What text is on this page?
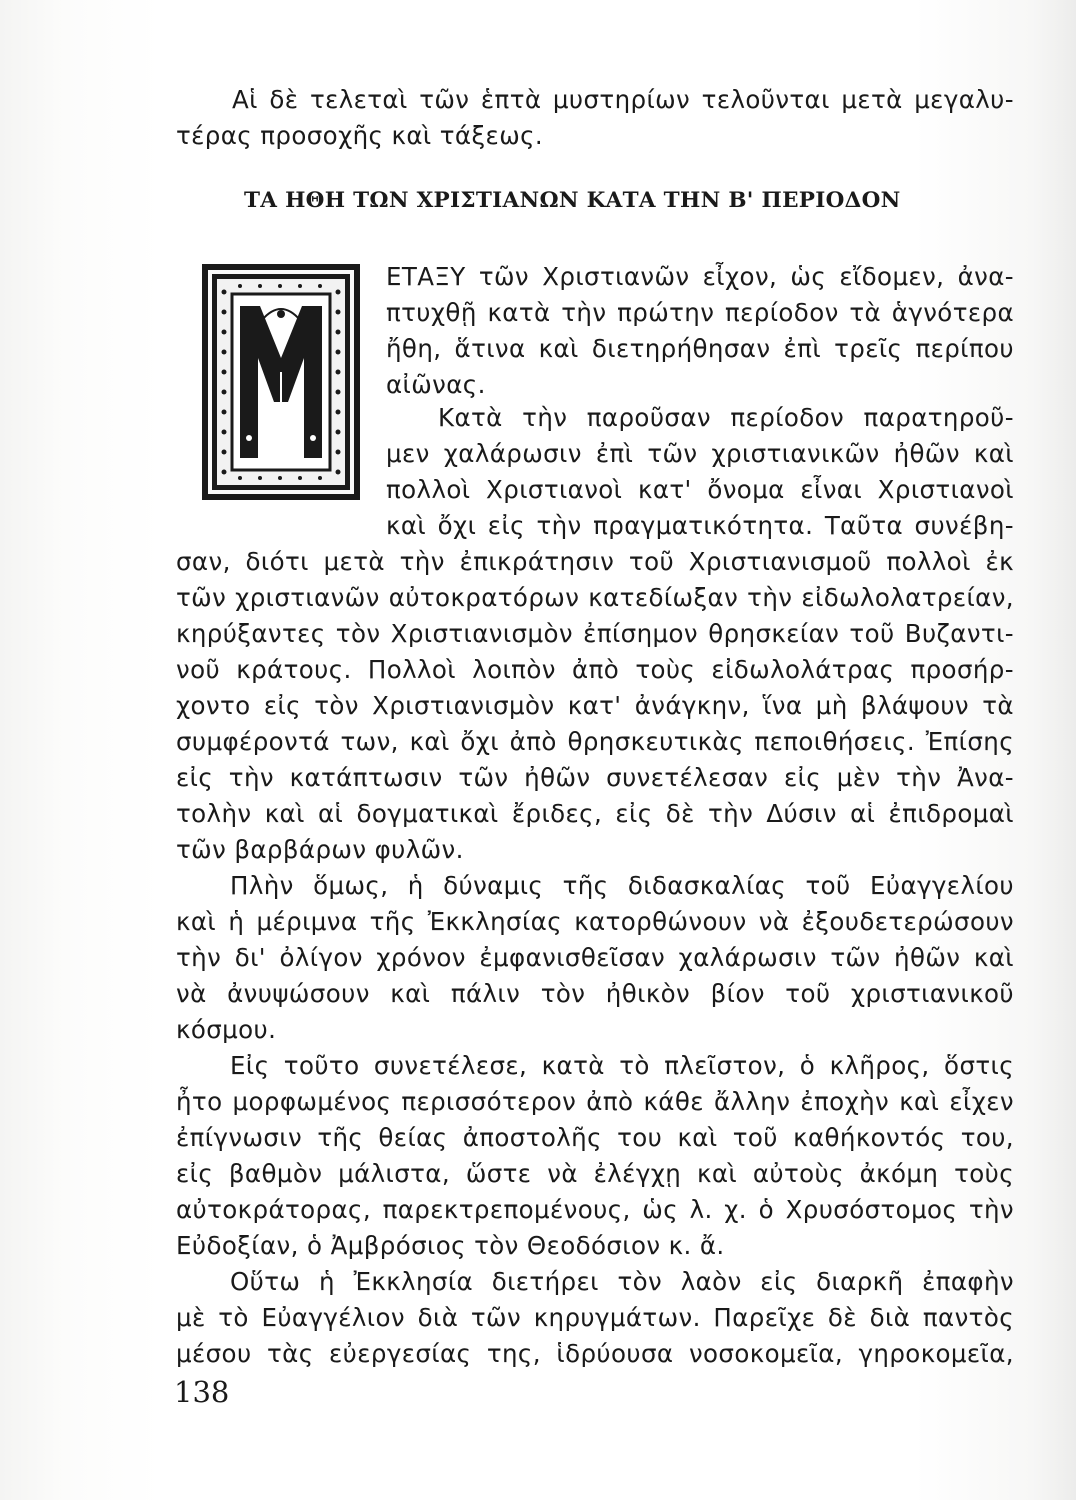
Αἱ δὲ τελεταὶ τῶν ἑπτὰ μυστηρίων τελοῦνται μετὰ μεγαλυ-
τέρας προσοχῆς καὶ τάξεως.
ΤΑ ΗΘΗ ΤΩΝ ΧΡΙΣΤΙΑΝΩΝ ΚΑΤΑ ΤΗΝ Β' ΠΕΡΙΟΔΟΝ
ΕΤΑΞΥ τῶν Χριστιανῶν εἶχον, ὡς εἴδομεν, ἀνα-
πτυχθῇ κατὰ τὴν πρώτην περίοδον τὰ ἁγνότερα
ἤθη, ἅτινα καὶ διετηρήθησαν ἐπὶ τρεῖς περίπου
αἰῶνας.
Κατὰ τὴν παροῦσαν περίοδον παρατηροῦ-
μεν χαλάρωσιν ἐπὶ τῶν χριστιανικῶν ἠθῶν καὶ
πολλοὶ Χριστιανοὶ κατ' ὄνομα εἶναι Χριστιανοὶ
καὶ ὄχι εἰς τὴν πραγματικότητα. Ταῦτα συνέβη-
σαν, διότι μετὰ τὴν ἐπικράτησιν τοῦ Χριστιανισμοῦ πολλοὶ ἐκ
τῶν χριστιανῶν αὐτοκρατόρων κατεδίωξαν τὴν εἰδωλολατρείαν,
κηρύξαντες τὸν Χριστιανισμὸν ἐπίσημον θρησκείαν τοῦ Βυζαντι-
νοῦ κράτους. Πολλοὶ λοιπὸν ἀπὸ τοὺς εἰδωλολάτρας προσήρ-
χοντο εἰς τὸν Χριστιανισμὸν κατ' ἀνάγκην, ἵνα μὴ βλάψουν τὰ
συμφέροντά των, καὶ ὄχι ἀπὸ θρησκευτικὰς πεποιθήσεις. Ἐπίσης
εἰς τὴν κατάπτωσιν τῶν ἠθῶν συνετέλεσαν εἰς μὲν τὴν Ἀνα-
τολὴν καὶ αἱ δογματικαὶ ἔριδες, εἰς δὲ τὴν Δύσιν αἱ ἐπιδρομαὶ
τῶν βαρβάρων φυλῶν.
Πλὴν ὅμως, ἡ δύναμις τῆς διδασκαλίας τοῦ Εὐαγγελίου
καὶ ἡ μέριμνα τῆς Ἐκκλησίας κατορθώνουν νὰ ἐξουδετερώσουν
τὴν δι' ὀλίγον χρόνον ἐμφανισθεῖσαν χαλάρωσιν τῶν ἠθῶν καὶ
νὰ ἀνυψώσουν καὶ πάλιν τὸν ἠθικὸν βίον τοῦ χριστιανικοῦ
κόσμου.
Εἰς τοῦτο συνετέλεσε, κατὰ τὸ πλεῖστον, ὁ κλῆρος, ὅστις
ἦτο μορφωμένος περισσότερον ἀπὸ κάθε ἄλλην ἐποχὴν καὶ εἶχεν
ἐπίγνωσιν τῆς θείας ἀποστολῆς του καὶ τοῦ καθήκοντός του,
εἰς βαθμὸν μάλιστα, ὥστε νὰ ἐλέγχῃ καὶ αὐτοὺς ἀκόμη τοὺς
αὐτοκράτορας, παρεκτρεπομένους, ὡς λ. χ. ὁ Χρυσόστομος τὴν
Εὐδοξίαν, ὁ Ἀμβρόσιος τὸν Θεοδόσιον κ. ἄ.
Οὕτω ἡ Ἐκκλησία διετήρει τὸν λαὸν εἰς διαρκῆ ἐπαφὴν
μὲ τὸ Εὐαγγέλιον διὰ τῶν κηρυγμάτων. Παρεῖχε δὲ διὰ παντὸς
μέσου τὰς εὐεργεσίας της, ἱδρύουσα νοσοκομεῖα, γηροκομεῖα,
138
